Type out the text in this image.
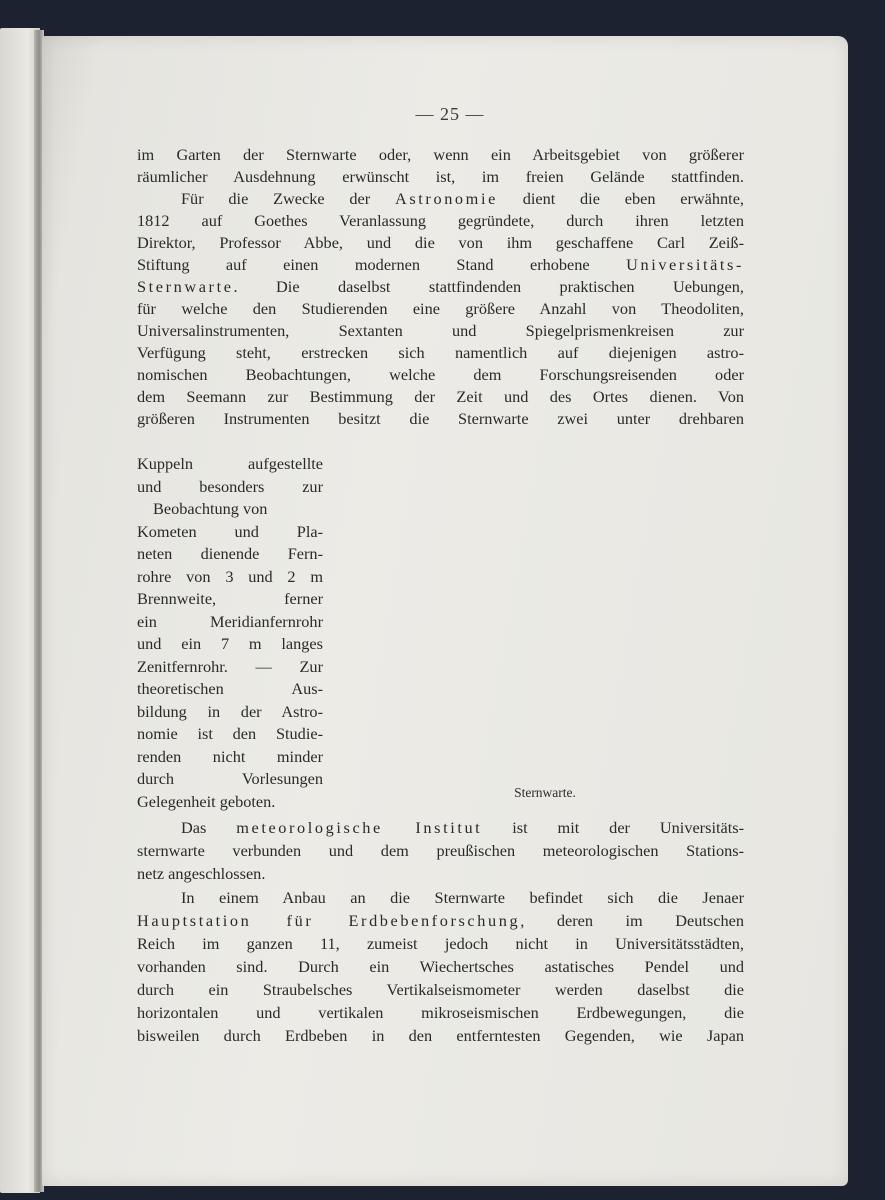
— 25 —
im Garten der Sternwarte oder, wenn ein Arbeitsgebiet von größerer
räumlicher Ausdehnung erwünscht ist, im freien Gelände stattfinden.
Für die Zwecke der Astronomie dient die eben erwähnte,
1812 auf Goethes Veranlassung gegründete, durch ihren letzten
Direktor, Professor Abbe, und die von ihm geschaffene Carl Zeiß-
Stiftung auf einen modernen Stand erhobene Universitäts-
Sternwarte. Die daselbst stattfindenden praktischen Uebungen,
für welche den Studierenden eine größere Anzahl von Theodoliten,
Universalinstrumenten, Sextanten und Spiegelprismenkreisen zur
Verfügung steht, erstrecken sich namentlich auf diejenigen astro-
nomischen Beobachtungen, welche dem Forschungsreisenden oder
dem Seemann zur Bestimmung der Zeit und des Ortes dienen. Von
größeren Instrumenten besitzt die Sternwarte zwei unter drehbaren
Kuppeln aufgestellte
und besonders zur
Beobachtung von
Kometen und Pla-
neten dienende Fern-
rohre von 3 und 2 m
Brennweite, ferner
ein Meridianfernrohr
und ein 7 m langes
Zenitfernrohr. — Zur
theoretischen Aus-
bildung in der Astro-
nomie ist den Studie-
renden nicht minder
durch Vorlesungen
Gelegenheit geboten.	Sternwarte.
Das meteorologische Institut ist mit der Universitäts-
sternwarte verbunden und dem preußischen meteorologischen Stations-
netz angeschlossen.
In einem Anbau an die Sternwarte befindet sich die Jenaer
Hauptstation für Erdbebenforschung, deren im Deutschen
Reich im ganzen 11, zumeist jedoch nicht in Universitätsstädten,
vorhanden sind. Durch ein Wiechertsches astatisches Pendel und
durch ein Straubelsches Vertikalseismometer werden daselbst die
horizontalen und vertikalen mikroseismischen Erdbewegungen, die
bisweilen durch Erdbeben in den entferntesten Gegenden, wie Japan
